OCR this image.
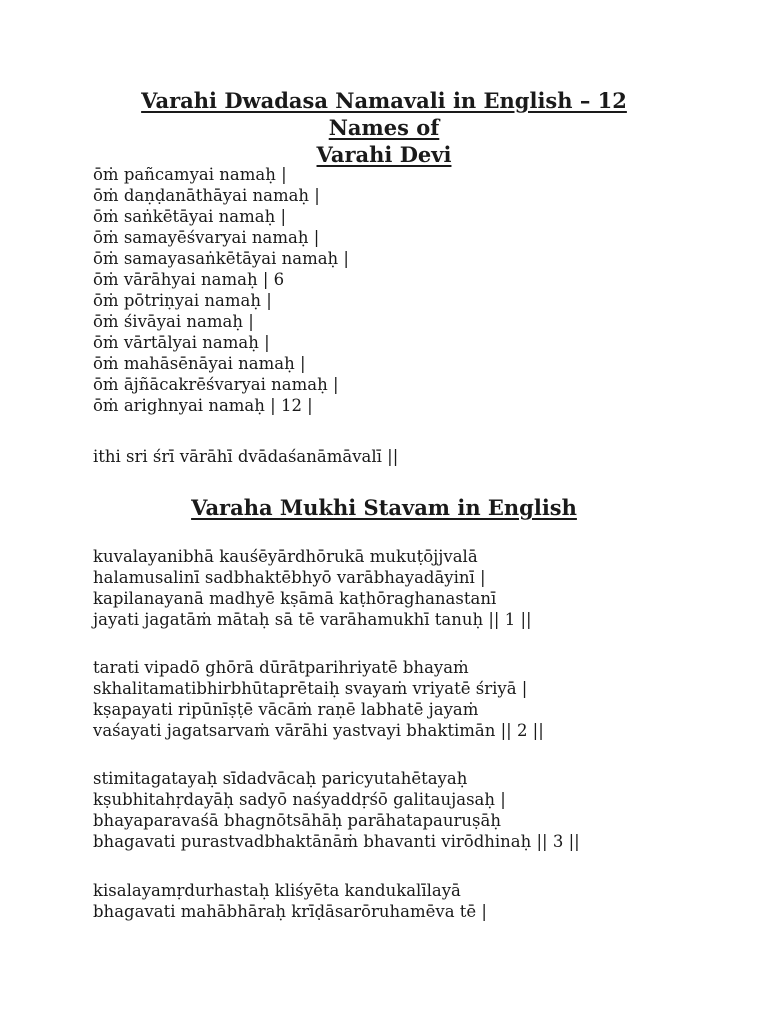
Varahi Dwadasa Namavali in English – 12 Names of
Varahi Devi
ōṁ pañcamyai namaḥ |
ōṁ daṇḍanāthāyai namaḥ |
ōṁ saṅkētāyai namaḥ |
ōṁ samayēśvaryai namaḥ |
ōṁ samayasaṅkētāyai namaḥ |
ōṁ vārāhyai namaḥ | 6
ōṁ pōtriṇyai namaḥ |
ōṁ śivāyai namaḥ |
ōṁ vārtālyai namaḥ |
ōṁ mahāsēnāyai namaḥ |
ōṁ ājñācakrēśvaryai namaḥ |
ōṁ arighnyai namaḥ | 12 |
ithi sri śrī vārāhī dvādaśanāmāvalī ||
Varaha Mukhi Stavam in English
kuvalayanibhā kauśēyārdhōrukā mukuṭōjjvalā
halamusalinī sadbhaktēbhyō varābhayadāyinī |
kapilanayanā madhyē kṣāmā kaṭhōraghanastanī
jayati jagatāṁ mātaḥ sā tē varāhamukhī tanuḥ || 1 ||
tarati vipadō ghōrā dūrātparihriyatē bhayaṁ
skhalitamatibhirbhūtaprētaiḥ svayaṁ vriyatē śriyā |
kṣapayati ripūnīṣṭē vācāṁ raṇē labhatē jayaṁ
vaśayati jagatsarvaṁ vārāhi yastvayi bhaktimān || 2 ||
stimitagatayaḥ sīdadvācaḥ paricyutahētayaḥ
kṣubhitahṛdayāḥ sadyō naśyaddṛśō galitaujasaḥ |
bhayaparavaśā bhagnōtsāhāḥ parāhatapauruṣāḥ
bhagavati purastvadbhaktānāṁ bhavanti virōdhinaḥ || 3 ||
kisalayamṛdurhastaḥ kliśyēta kandukalīlayā
bhagavati mahābhāraḥ krīḍāsarōruhamēva tē |
